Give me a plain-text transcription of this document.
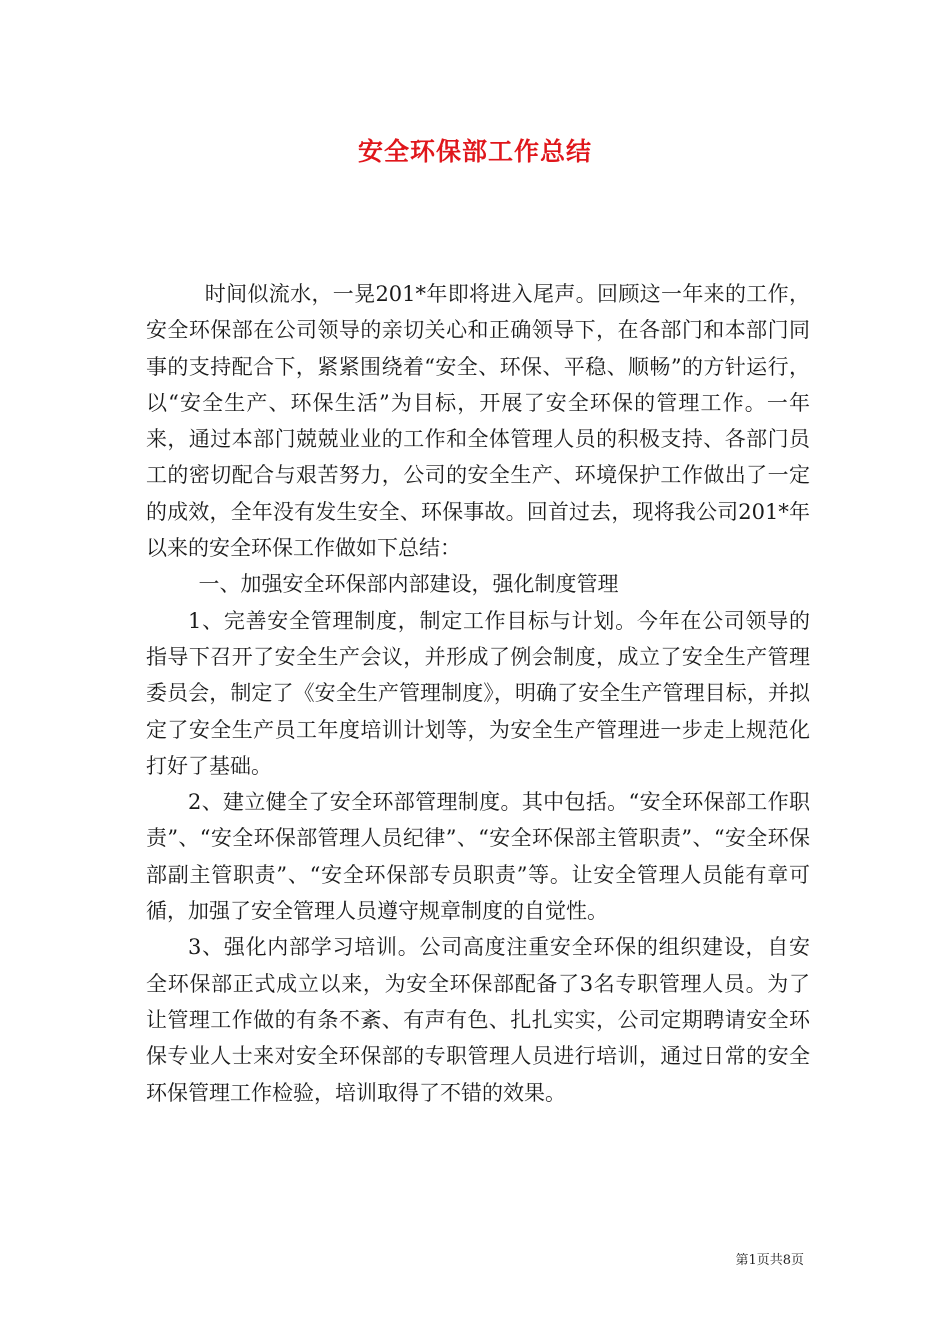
安全环保部工作总结

时间似流水，一晃201*年即将进入尾声。回顾这一年来的工作，安全环保部在公司领导的亲切关心和正确领导下，在各部门和本部门同事的支持配合下，紧紧围绕着“安全、环保、平稳、顺畅”的方针运行，以“安全生产、环保生活”为目标，开展了安全环保的管理工作。一年来，通过本部门兢兢业业的工作和全体管理人员的积极支持、各部门员工的密切配合与艰苦努力，公司的安全生产、环境保护工作做出了一定的成效，全年没有发生安全、环保事故。回首过去，现将我公司201*年以来的安全环保工作做如下总结：

一、加强安全环保部内部建设，强化制度管理

1、完善安全管理制度，制定工作目标与计划。今年在公司领导的指导下召开了安全生产会议，并形成了例会制度，成立了安全生产管理委员会，制定了《安全生产管理制度》，明确了安全生产管理目标，并拟定了安全生产员工年度培训计划等，为安全生产管理进一步走上规范化打好了基础。

2、建立健全了安全环部管理制度。其中包括。“安全环保部工作职责”、“安全环保部管理人员纪律”、“安全环保部主管职责”、“安全环保部副主管职责”、“安全环保部专员职责”等。让安全管理人员能有章可循，加强了安全管理人员遵守规章制度的自觉性。

3、强化内部学习培训。公司高度注重安全环保的组织建设，自安全环保部正式成立以来，为安全环保部配备了3名专职管理人员。为了让管理工作做的有条不紊、有声有色、扎扎实实，公司定期聘请安全环保专业人士来对安全环保部的专职管理人员进行培训，通过日常的安全环保管理工作检验，培训取得了不错的效果。

第1页共8页
